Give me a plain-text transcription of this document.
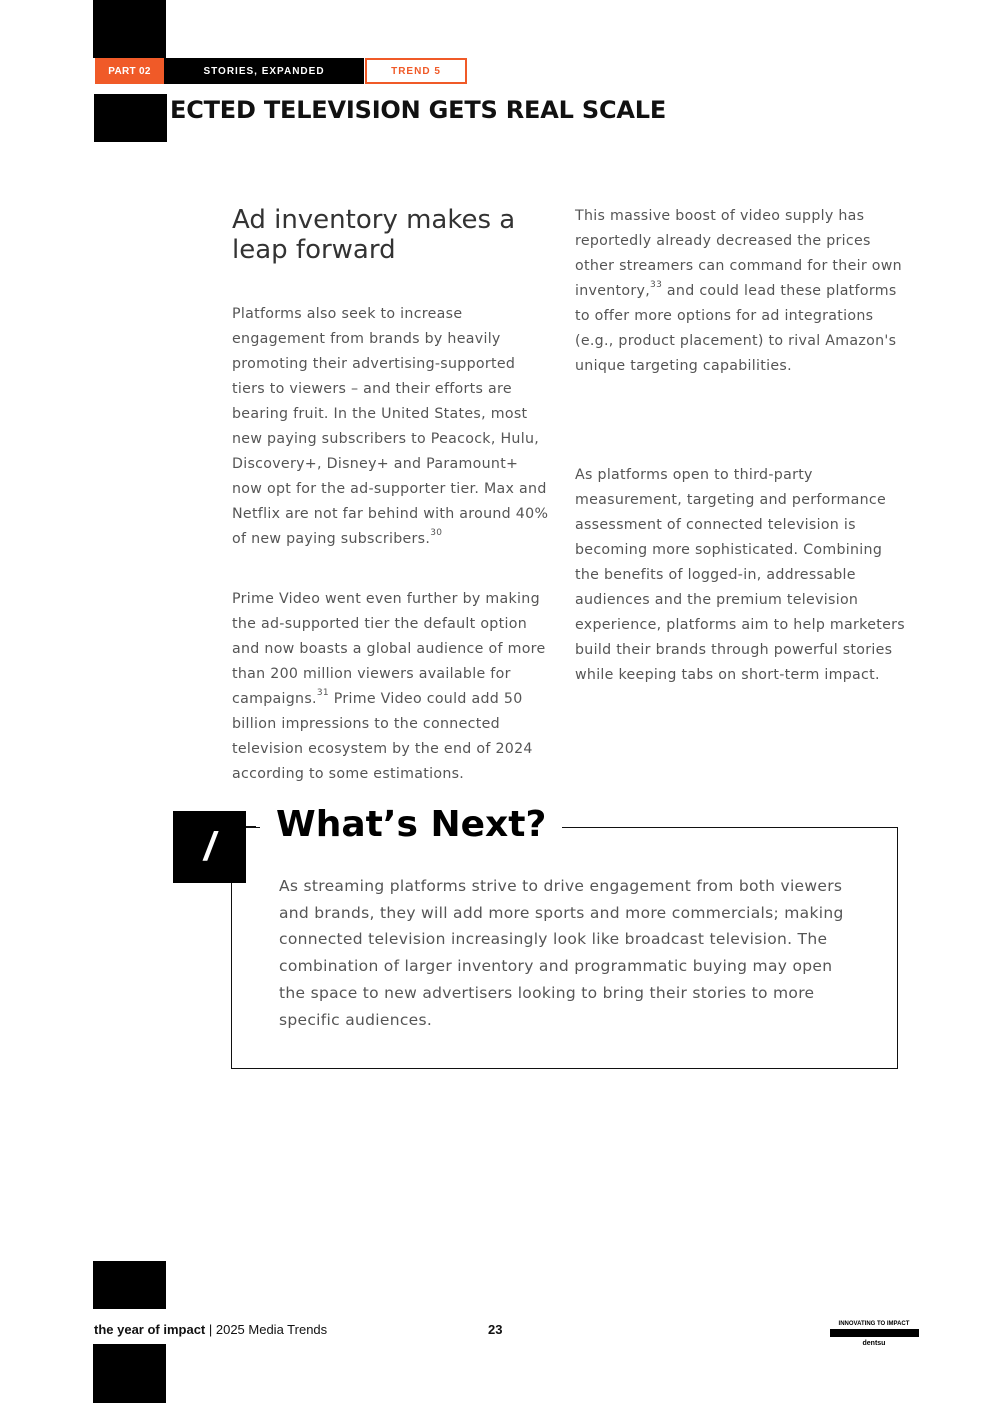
PART 02	STORIES, EXPANDED	TREND 5
ECTED TELEVISION GETS REAL SCALE
Ad inventory makes a leap forward

Platforms also seek to increase engagement from brands by heavily promoting their advertising-supported tiers to viewers – and their efforts are bearing fruit. In the United States, most new paying subscribers to Peacock, Hulu, Discovery+, Disney+ and Paramount+ now opt for the ad-supporter tier. Max and Netflix are not far behind with around 40% of new paying subscribers.$^{30}$

Prime Video went even further by making the ad-supported tier the default option and now boasts a global audience of more than 200 million viewers available for campaigns.$^{31}$ Prime Video could add 50 billion impressions to the connected television ecosystem by the end of 2024 according to some estimations.

This massive boost of video supply has reportedly already decreased the prices other streamers can command for their own inventory,$^{33}$ and could lead these platforms to offer more options for ad integrations (e.g., product placement) to rival Amazon's unique targeting capabilities.

As platforms open to third-party measurement, targeting and performance assessment of connected television is becoming more sophisticated. Combining the benefits of logged-in, addressable audiences and the premium television experience, platforms aim to help marketers build their brands through powerful stories while keeping tabs on short-term impact.

What’s Next?
/
As streaming platforms strive to drive engagement from both viewers and brands, they will add more sports and more commercials; making connected television increasingly look like broadcast television. The combination of larger inventory and programmatic buying may open the space to new advertisers looking to bring their stories to more specific audiences.
the year of impact | 2025 Media Trends	23	INNOVATING TO IMPACT
dentsu
